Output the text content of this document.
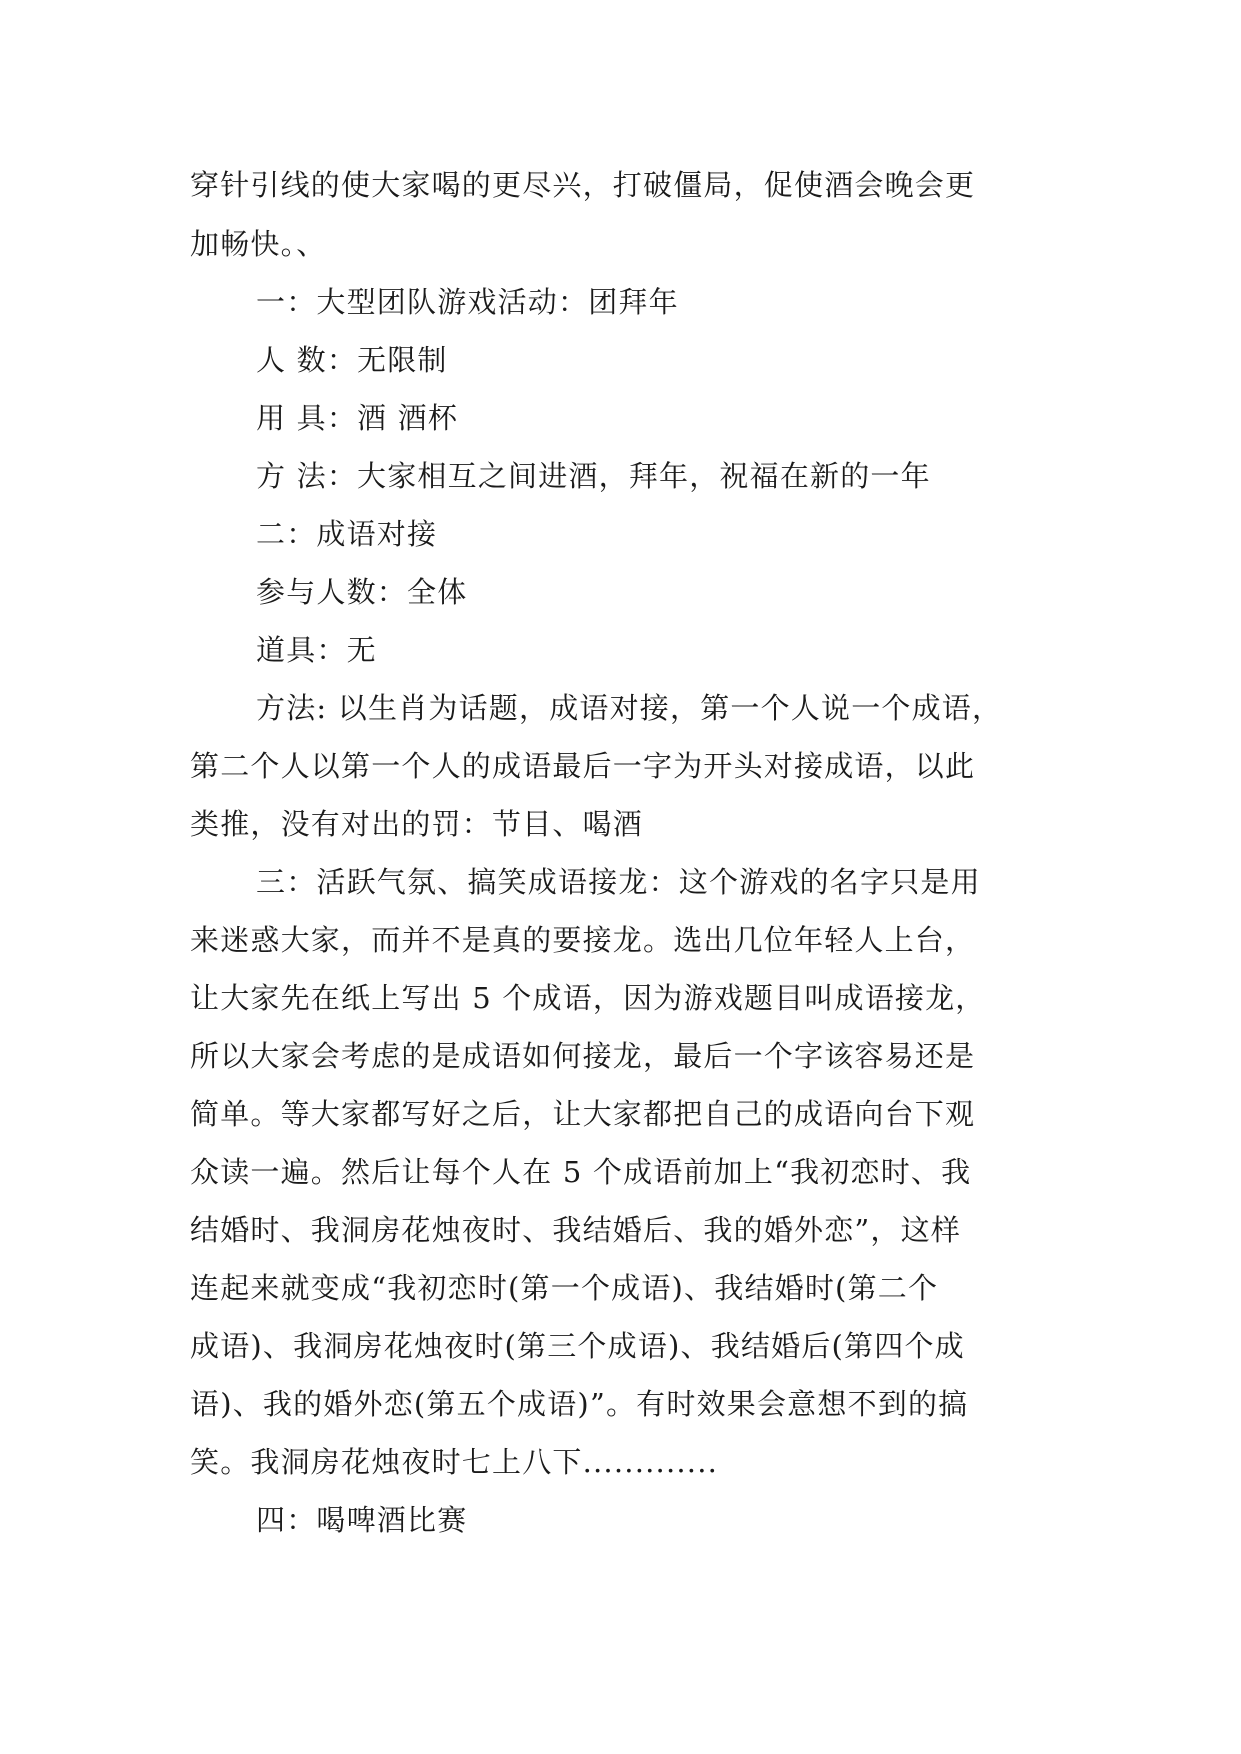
穿针引线的使大家喝的更尽兴，打破僵局，促使酒会晚会更
加畅快。、
一：大型团队游戏活动：团拜年
人 数：无限制
用 具：酒 酒杯
方 法：大家相互之间进酒，拜年，祝福在新的一年
二：成语对接
参与人数：全体
道具：无
方法: 以生肖为话题，成语对接，第一个人说一个成语，
第二个人以第一个人的成语最后一字为开头对接成语，以此
类推，没有对出的罚：节目、喝酒
三：活跃气氛、搞笑成语接龙：这个游戏的名字只是用
来迷惑大家，而并不是真的要接龙。选出几位年轻人上台，
让大家先在纸上写出 5 个成语，因为游戏题目叫成语接龙，
所以大家会考虑的是成语如何接龙，最后一个字该容易还是
简单。等大家都写好之后，让大家都把自己的成语向台下观
众读一遍。然后让每个人在 5 个成语前加上“我初恋时、我
结婚时、我洞房花烛夜时、我结婚后、我的婚外恋”，这样
连起来就变成“我初恋时(第一个成语)、我结婚时(第二个
成语)、我洞房花烛夜时(第三个成语)、我结婚后(第四个成
语)、我的婚外恋(第五个成语)”。有时效果会意想不到的搞
笑。我洞房花烛夜时七上八下.............
四：喝啤酒比赛
